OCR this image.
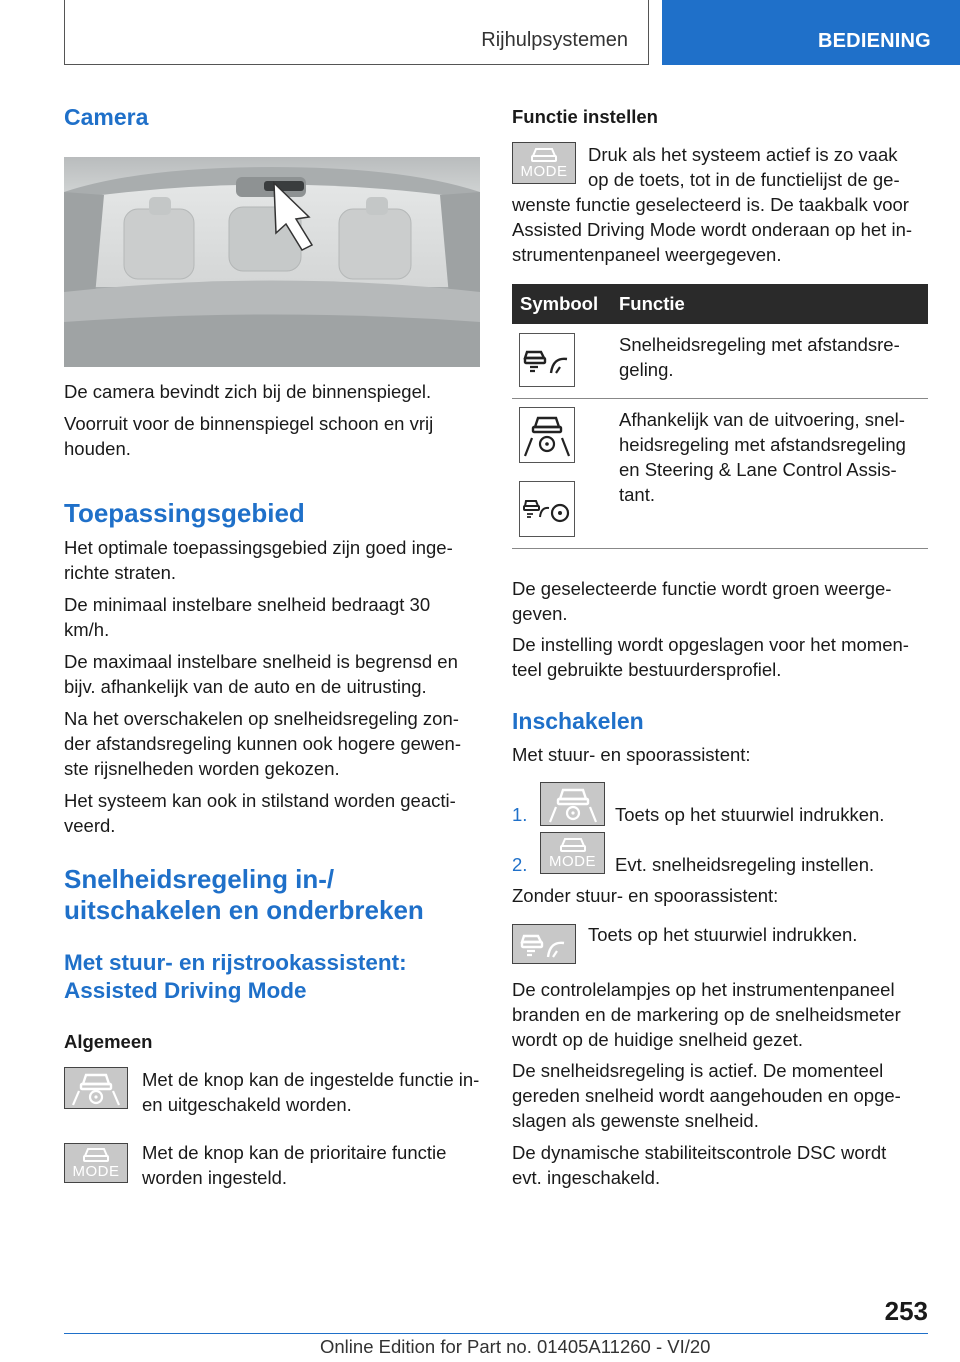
Rijhulpsystemen	BEDIENING
Camera

De camera bevindt zich bij de binnenspiegel.

Voorruit voor de binnenspiegel schoon en vrij houden.

Toepassingsgebied

Het optimale toepassingsgebied zijn goed inge-richte straten.

De minimaal instelbare snelheid bedraagt 30 km/h.

De maximaal instelbare snelheid is begrensd en bijv. afhankelijk van de auto en de uitrusting.

Na het overschakelen op snelheidsregeling zon-der afstandsregeling kunnen ook hogere gewen-ste rijsnelheden worden gekozen.

Het systeem kan ook in stilstand worden geacti-veerd.

Snelheidsregeling in-/
uitschakelen en onderbreken
Met stuur- en rijstrookassistent:
Assisted Driving Mode
Algemeen

Met de knop kan de ingestelde functie in- en uitgeschakeld worden.

MODE

Met de knop kan de prioritaire functie worden ingesteld.

Functie instellen
MODE

Druk als het systeem actief is zo vaak

op de toets, tot in de functielijst de ge-

wenste functie geselecteerd is. De taakbalk voor Assisted Driving Mode wordt onderaan op het in-strumentenpaneel weergegeven.

Symbool Functie

Snelheidsregeling met afstandsre-geling.

Afhankelijk van de uitvoering, snel-heidsregeling met afstandsregeling en Steering & Lane Control Assis-tant.

De geselecteerde functie wordt groen weerge-geven.

De instelling wordt opgeslagen voor het momen-teel gebruikte bestuurdersprofiel.

Inschakelen

Met stuur- en spoorassistent:

1.	Toets op het stuurwiel indrukken.
2. MODE Evt. snelheidsregeling instellen.

Zonder stuur- en spoorassistent:

Toets op het stuurwiel indrukken.

De controlelampjes op het instrumentenpaneel branden en de markering op de snelheidsmeter wordt op de huidige snelheid gezet.

De snelheidsregeling is actief. De momenteel gereden snelheid wordt aangehouden en opge-slagen als gewenste snelheid.

De dynamische stabiliteitscontrole DSC wordt evt. ingeschakeld.

253
Online Edition for Part no. 01405A11260 - VI/20
